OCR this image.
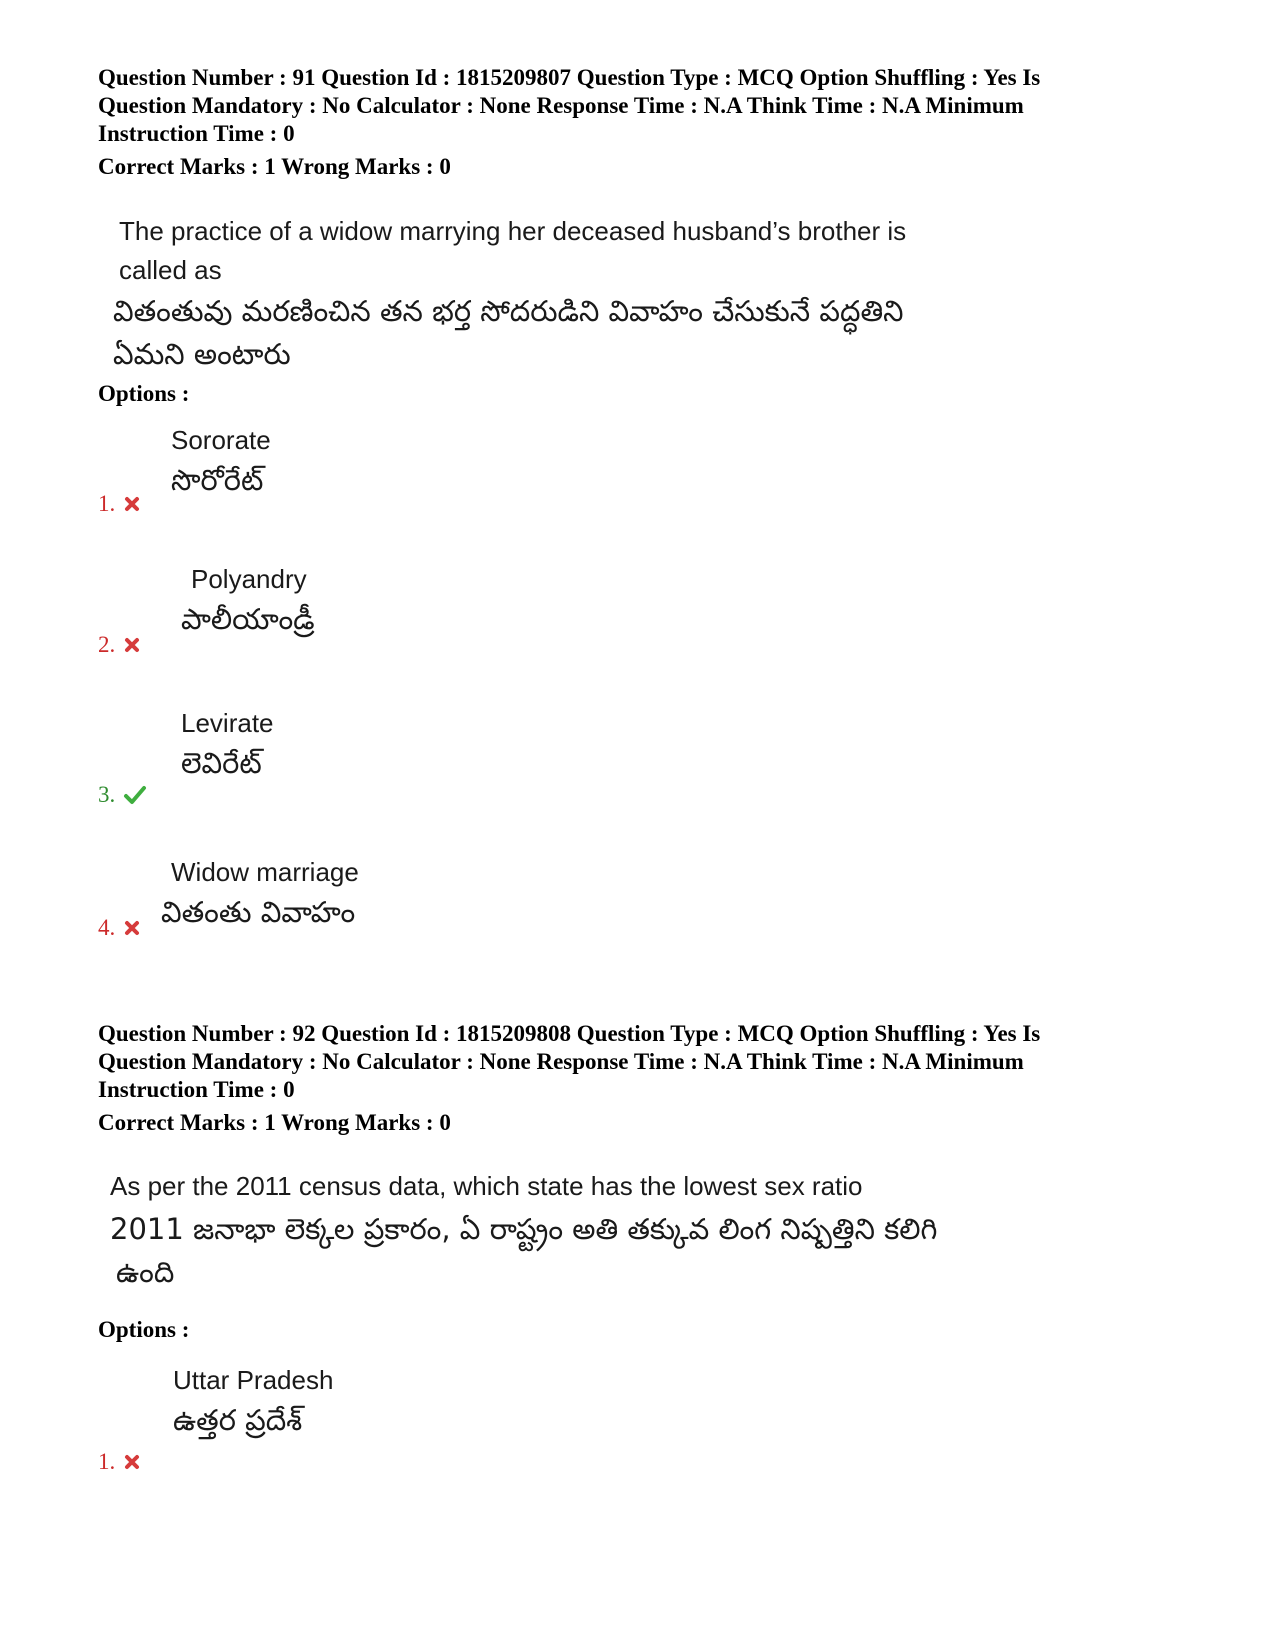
Question Number : 91 Question Id : 1815209807 Question Type : MCQ Option Shuffling : Yes Is
Question Mandatory : No Calculator : None Response Time : N.A Think Time : N.A Minimum
Instruction Time : 0
Correct Marks : 1 Wrong Marks : 0
The practice of a widow marrying her deceased husband’s brother is
called as
వితంతువు మరణించిన తన భర్త సోదరుడిని వివాహం చేసుకునే పద్ధతిని
ఏమని అంటారు
Options :
Sororate
సొరోరేట్
1.
Polyandry
పాలీయాండ్రీ
2.
Levirate
లెవిరేట్
3.
Widow marriage
వితంతు వివాహం
4.
Question Number : 92 Question Id : 1815209808 Question Type : MCQ Option Shuffling : Yes Is
Question Mandatory : No Calculator : None Response Time : N.A Think Time : N.A Minimum
Instruction Time : 0
Correct Marks : 1 Wrong Marks : 0
As per the 2011 census data, which state has the lowest sex ratio
2011 జనాభా లెక్కల ప్రకారం, ఏ రాష్ట్రం అతి తక్కువ లింగ నిష్పత్తిని కలిగి
ఉంది
Options :
Uttar Pradesh
ఉత్తర ప్రదేశ్
1.
